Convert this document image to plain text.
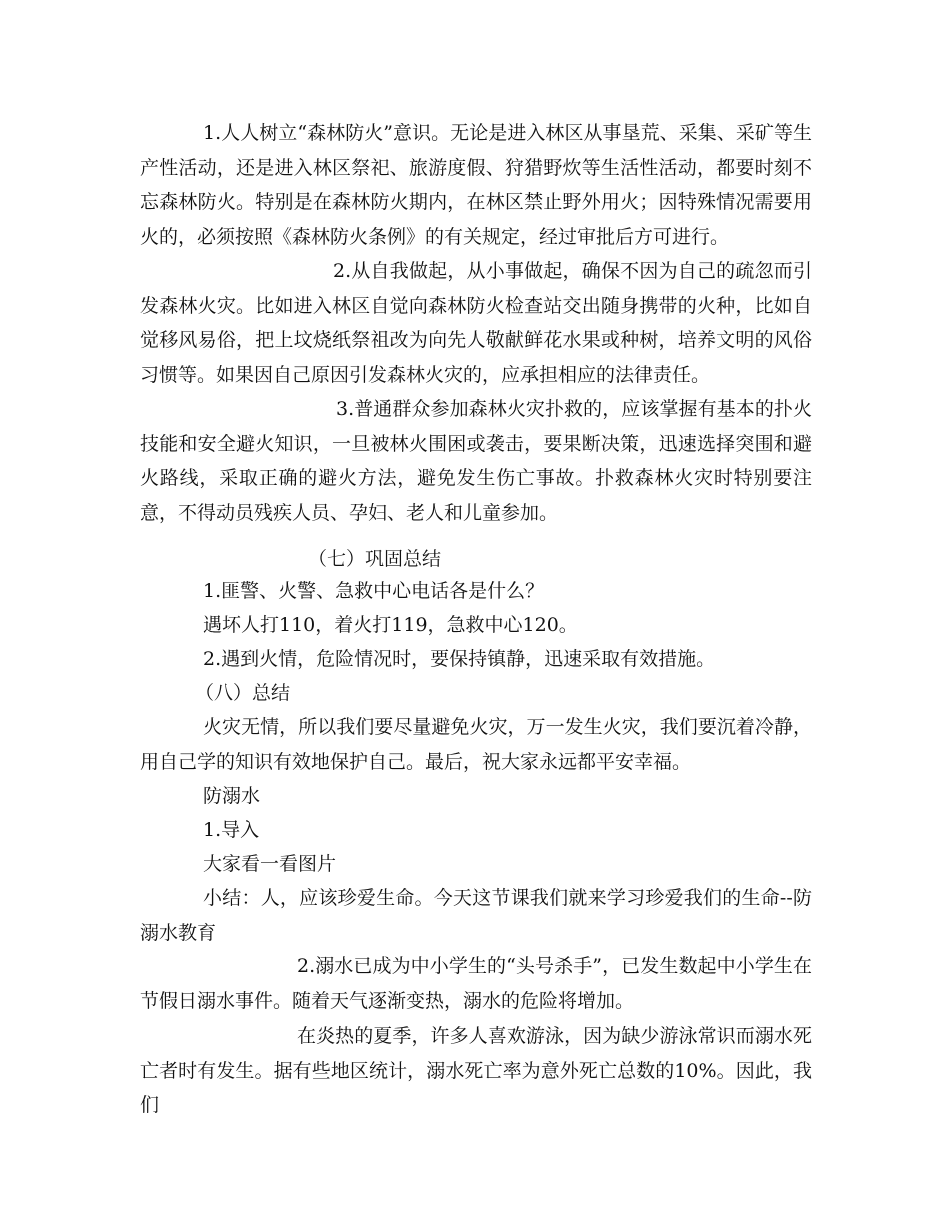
1.人人树立“森林防火”意识。无论是进入林区从事垦荒、采集、采矿等生产性活动，还是进入林区祭祀、旅游度假、狩猎野炊等生活性活动，都要时刻不忘森林防火。特别是在森林防火期内，在林区禁止野外用火；因特殊情况需要用火的，必须按照《森林防火条例》的有关规定，经过审批后方可进行。

2.从自我做起，从小事做起，确保不因为自己的疏忽而引发森林火灾。比如进入林区自觉向森林防火检查站交出随身携带的火种，比如自觉移风易俗，把上坟烧纸祭祖改为向先人敬献鲜花水果或种树，培养文明的风俗习惯等。如果因自己原因引发森林火灾的，应承担相应的法律责任。

3.普通群众参加森林火灾扑救的，应该掌握有基本的扑火技能和安全避火知识，一旦被林火围困或袭击，要果断决策，迅速选择突围和避火路线，采取正确的避火方法，避免发生伤亡事故。扑救森林火灾时特别要注意，不得动员残疾人员、孕妇、老人和儿童参加。

（七）巩固总结

1.匪警、火警、急救中心电话各是什么？

遇坏人打110，着火打119，急救中心120。

2.遇到火情，危险情况时，要保持镇静，迅速采取有效措施。

（八）总结

火灾无情，所以我们要尽量避免火灾，万一发生火灾，我们要沉着冷静，用自己学的知识有效地保护自己。最后，祝大家永远都平安幸福。

防溺水

1.导入

大家看一看图片

小结：人，应该珍爱生命。今天这节课我们就来学习珍爱我们的生命--防溺水教育

2.溺水已成为中小学生的“头号杀手”，已发生数起中小学生在节假日溺水事件。随着天气逐渐变热，溺水的危险将增加。

在炎热的夏季，许多人喜欢游泳，因为缺少游泳常识而溺水死亡者时有发生。据有些地区统计，溺水死亡率为意外死亡总数的10%。因此，我们
